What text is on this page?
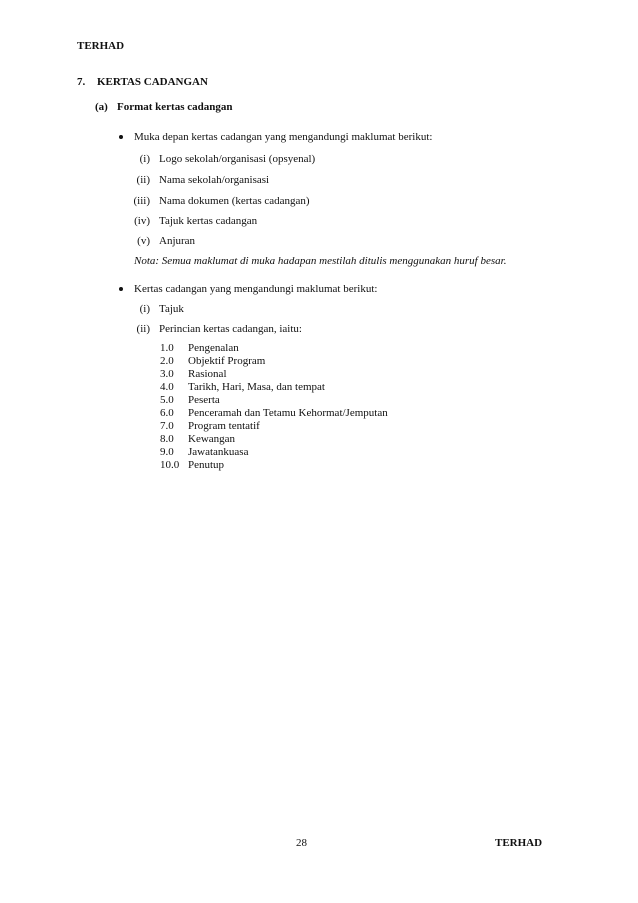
TERHAD
7. KERTAS CADANGAN
(a) Format kertas cadangan
Muka depan kertas cadangan yang mengandungi maklumat berikut:
(i) Logo sekolah/organisasi (opsyenal)
(ii) Nama sekolah/organisasi
(iii) Nama dokumen (kertas cadangan)
(iv) Tajuk kertas cadangan
(v) Anjuran
Nota: Semua maklumat di muka hadapan mestilah ditulis menggunakan huruf besar.
Kertas cadangan yang mengandungi maklumat berikut:
(i) Tajuk
(ii) Perincian kertas cadangan, iaitu:
1.0 Pengenalan
2.0 Objektif Program
3.0 Rasional
4.0 Tarikh, Hari, Masa, dan tempat
5.0 Peserta
6.0 Penceramah dan Tetamu Kehormat/Jemputan
7.0 Program tentatif
8.0 Kewangan
9.0 Jawatankuasa
10.0 Penutup
28	TERHAD
